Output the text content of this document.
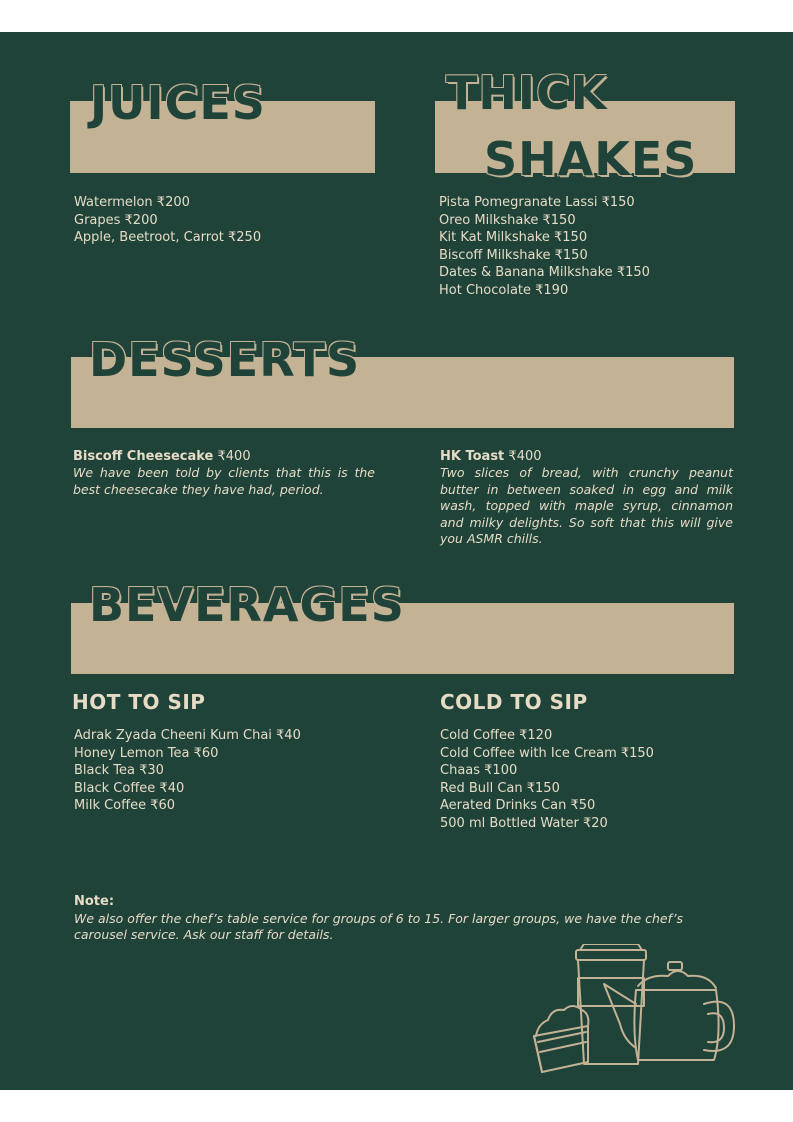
JUICES
Watermelon ₹200
Grapes ₹200
Apple, Beetroot, Carrot ₹250
THICK
SHAKES
Pista Pomegranate Lassi ₹150
Oreo Milkshake ₹150
Kit Kat Milkshake ₹150
Biscoff Milkshake ₹150
Dates & Banana Milkshake ₹150
Hot Chocolate ₹190
DESSERTS
Biscoff Cheesecake ₹400
We have been told by clients that this is the best cheesecake they have had, period.
HK Toast ₹400
Two slices of bread, with crunchy peanut butter in between soaked in egg and milk wash, topped with maple syrup, cinnamon and milky delights. So soft that this will give you ASMR chills.
BEVERAGES
HOT TO SIP
Adrak Zyada Cheeni Kum Chai ₹40
Honey Lemon Tea ₹60
Black Tea ₹30
Black Coffee ₹40
Milk Coffee ₹60
COLD TO SIP
Cold Coffee ₹120
Cold Coffee with Ice Cream ₹150
Chaas ₹100
Red Bull Can ₹150
Aerated Drinks Can ₹50
500 ml Bottled Water ₹20
Note:
We also offer the chef’s table service for groups of 6 to 15. For larger groups, we have the chef’s carousel service. Ask our staff for details.
